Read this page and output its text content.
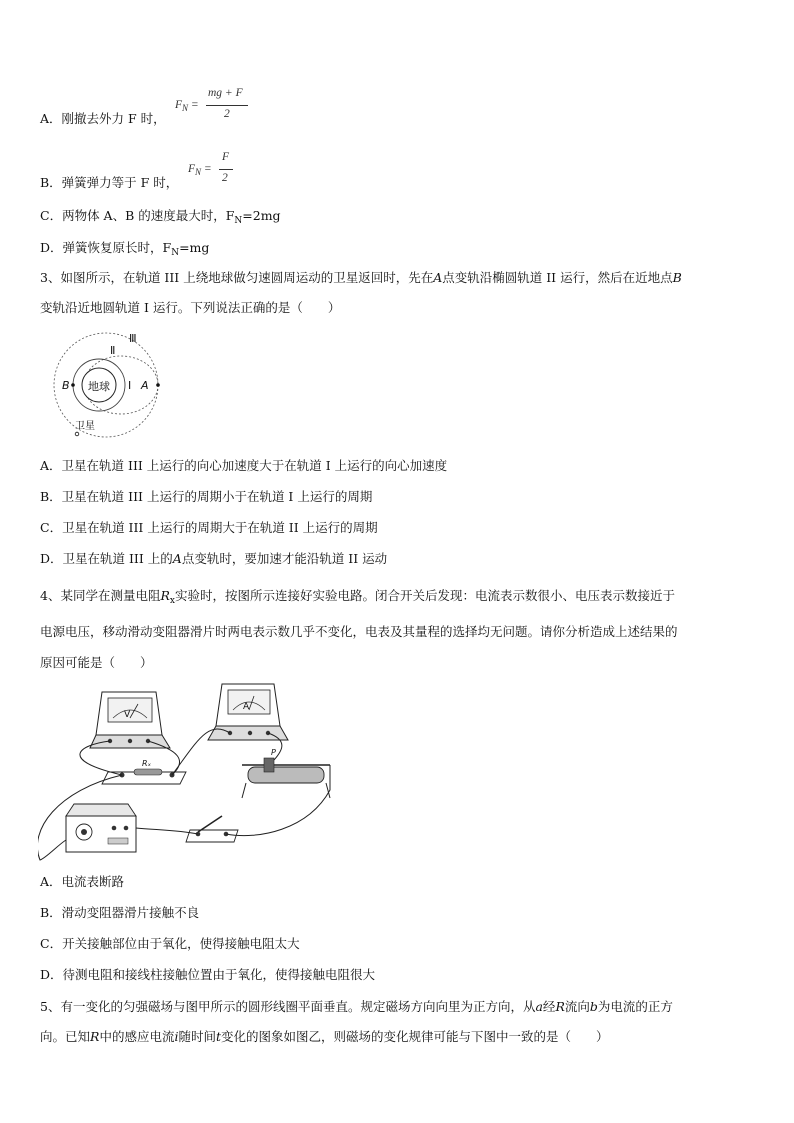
A．刚撤去外力 F 时，
$F_N$ =
mg + F
2
B．弹簧弹力等于 F 时，
$F_N$ =
F
2
C．两物体 A、B 的速度最大时，$F_N=2mg$
D．弹簧恢复原长时，$F_N=mg$
3、如图所示，在轨道 III 上绕地球做匀速圆周运动的卫星返回时，先在A点变轨沿椭圆轨道 II 运行，然后在近地点B
变轨沿近地圆轨道 I 运行。下列说法正确的是（　　）
地球
Ⅲ
Ⅱ
I
B	A
卫星
A．卫星在轨道 III 上运行的向心加速度大于在轨道 I 上运行的向心加速度
B．卫星在轨道 III 上运行的周期小于在轨道 I 上运行的周期
C．卫星在轨道 III 上运行的周期大于在轨道 II 上运行的周期
D．卫星在轨道 III 上的A点变轨时，要加速才能沿轨道 II 运动
4、某同学在测量电阻$R_x$实验时，按图所示连接好实验电路。闭合开关后发现：电流表示数很小、电压表示数接近于
电源电压，移动滑动变阻器滑片时两电表示数几乎不变化，电表及其量程的选择均无问题。请你分析造成上述结果的
原因可能是（　　）
V
A
Rₓ
P
A．电流表断路
B．滑动变阻器滑片接触不良
C．开关接触部位由于氧化，使得接触电阻太大
D．待测电阻和接线柱接触位置由于氧化，使得接触电阻很大
5、有一变化的匀强磁场与图甲所示的圆形线圈平面垂直。规定磁场方向向里为正方向，从a经R流向b为电流的正方
向。已知R中的感应电流i随时间t变化的图象如图乙，则磁场的变化规律可能与下图中一致的是（　　）
